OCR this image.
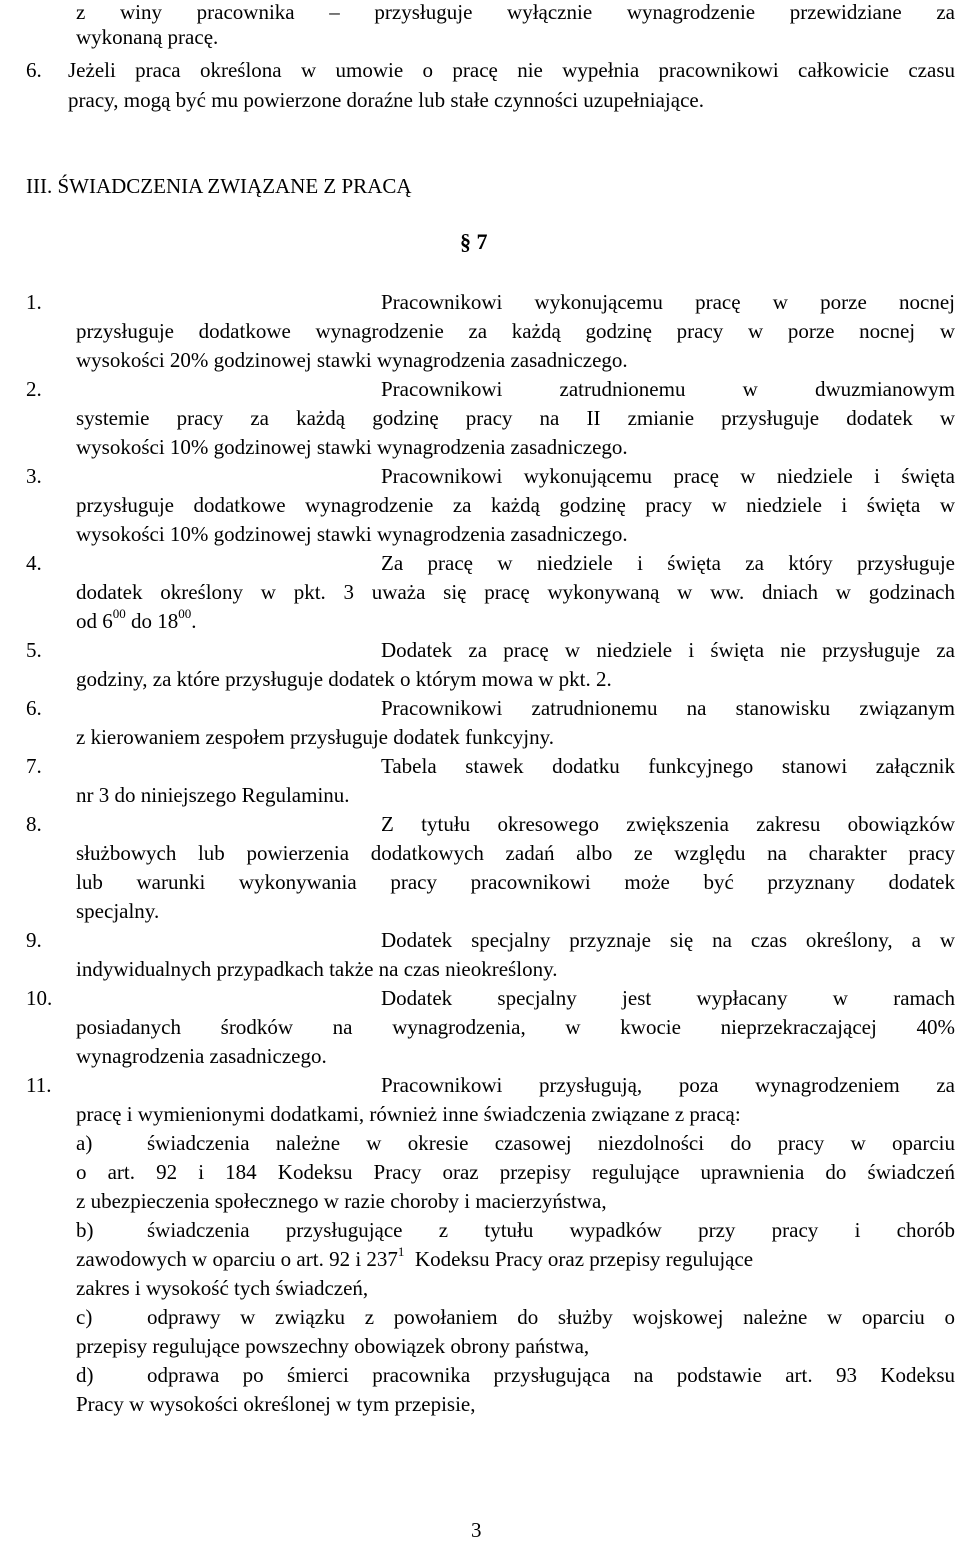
z winy pracownika – przysługuje wyłącznie wynagrodzenie przewidziane za
wykonaną pracę.
6. Jeżeli praca określona w umowie o pracę nie wypełnia pracownikowi całkowicie czasu
pracy, mogą być mu powierzone doraźne lub stałe czynności uzupełniające.
III. ŚWIADCZENIA ZWIĄZANE Z PRACĄ
§ 7
1.	Pracownikowi wykonującemu pracę w porze nocnej
przysługuje dodatkowe wynagrodzenie za każdą godzinę pracy w porze nocnej w
wysokości 20% godzinowej stawki wynagrodzenia zasadniczego.
2.	Pracownikowi zatrudnionemu w dwuzmianowym
systemie pracy za każdą godzinę pracy na II zmianie przysługuje dodatek w
wysokości 10% godzinowej stawki wynagrodzenia zasadniczego.
3.	Pracownikowi wykonującemu pracę w niedziele i święta
przysługuje dodatkowe wynagrodzenie za każdą godzinę pracy w niedziele i święta w
wysokości 10% godzinowej stawki wynagrodzenia zasadniczego.
4.	Za pracę w niedziele i święta za który przysługuje
dodatek określony w pkt. 3 uważa się pracę wykonywaną w ww. dniach w godzinach
od $6^{00}$ do $18^{00}$.
5.	Dodatek za pracę w niedziele i święta nie przysługuje za
godziny, za które przysługuje dodatek o którym mowa w pkt. 2.
6.	Pracownikowi zatrudnionemu na stanowisku związanym
z kierowaniem zespołem przysługuje dodatek funkcyjny.
7.	Tabela stawek dodatku funkcyjnego stanowi załącznik
nr 3 do niniejszego Regulaminu.
8.	Z tytułu okresowego zwiększenia zakresu obowiązków
służbowych lub powierzenia dodatkowych zadań albo ze względu na charakter pracy
lub warunki wykonywania pracy pracownikowi może być przyznany dodatek
specjalny.
9.	Dodatek specjalny przyznaje się na czas określony, a w
indywidualnych przypadkach także na czas nieokreślony.
10.	Dodatek specjalny jest wypłacany w ramach
posiadanych środków na wynagrodzenia, w kwocie nieprzekraczającej 40%
wynagrodzenia zasadniczego.
11.	Pracownikowi przysługują, poza wynagrodzeniem za
pracę i wymienionymi dodatkami, również inne świadczenia związane z pracą:
a)	świadczenia należne w okresie czasowej niezdolności do pracy w oparciu
o art. 92 i 184 Kodeksu Pracy oraz przepisy regulujące uprawnienia do świadczeń
z ubezpieczenia społecznego w razie choroby i macierzyństwa,
b)	świadczenia przysługujące z tytułu wypadków przy pracy i chorób
zawodowych w oparciu o art. 92 i $237^1$  Kodeksu Pracy oraz przepisy regulujące
zakres i wysokość tych świadczeń,
c)	odprawy w związku z powołaniem do służby wojskowej należne w oparciu o
przepisy regulujące powszechny obowiązek obrony państwa,
d)	odprawa po śmierci pracownika przysługująca na podstawie art. 93 Kodeksu
Pracy w wysokości określonej w tym przepisie,
3
